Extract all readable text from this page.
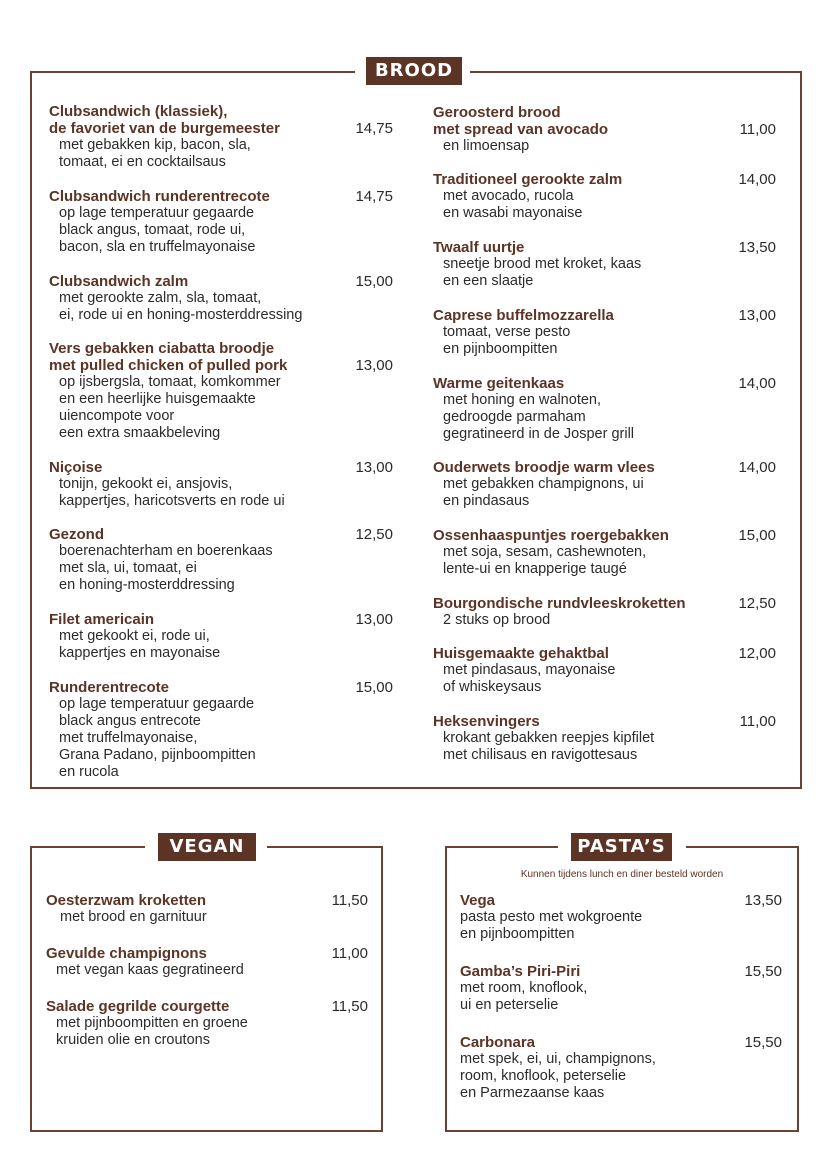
BROOD
Clubsandwich (klassiek),
de favoriet van de burgemeester	14,75
met gebakken kip, bacon, sla,
tomaat, ei en cocktailsaus
Clubsandwich runderentrecote	14,75
op lage temperatuur gegaarde
black angus, tomaat, rode ui,
bacon, sla en truffelmayonaise
Clubsandwich zalm	15,00
met gerookte zalm, sla, tomaat,
ei, rode ui en honing-mosterddressing
Vers gebakken ciabatta broodje
met pulled chicken of pulled pork	13,00
op ijsbergsla, tomaat, komkommer
en een heerlijke huisgemaakte
uiencompote voor
een extra smaakbeleving
Niçoise	13,00
tonijn, gekookt ei, ansjovis,
kappertjes, haricotsverts en rode ui
Gezond	12,50
boerenachterham en boerenkaas
met sla, ui, tomaat, ei
en honing-mosterddressing
Filet americain	13,00
met gekookt ei, rode ui,
kappertjes en mayonaise
Runderentrecote	15,00
op lage temperatuur gegaarde
black angus entrecote
met truffelmayonaise,
Grana Padano, pijnboompitten
en rucola
Geroosterd brood
met spread van avocado	11,00
en limoensap
Traditioneel gerookte zalm	14,00
met avocado, rucola
en wasabi mayonaise
Twaalf uurtje	13,50
sneetje brood met kroket, kaas
en een slaatje
Caprese buffelmozzarella	13,00
tomaat, verse pesto
en pijnboompitten
Warme geitenkaas	14,00
met honing en walnoten,
gedroogde parmaham
gegratineerd in de Josper grill
Ouderwets broodje warm vlees	14,00
met gebakken champignons, ui
en pindasaus
Ossenhaaspuntjes roergebakken	15,00
met soja, sesam, cashewnoten,
lente-ui en knapperige taugé
Bourgondische rundvleeskroketten	12,50
2 stuks op brood
Huisgemaakte gehaktbal	12,00
met pindasaus, mayonaise
of whiskeysaus
Heksenvingers	11,00
krokant gebakken reepjes kipfilet
met chilisaus en ravigottesaus
VEGAN
Oesterzwam kroketten	11,50
met brood en garnituur
Gevulde champignons	11,00
met vegan kaas gegratineerd
Salade gegrilde courgette	11,50
met pijnboompitten en groene
kruiden olie en croutons
PASTA’S
Kunnen tijdens lunch en diner besteld worden
Vega	13,50
pasta pesto met wokgroente
en pijnboompitten
Gamba’s Piri-Piri	15,50
met room, knoflook,
ui en peterselie
Carbonara	15,50
met spek, ei, ui, champignons,
room, knoflook, peterselie
en Parmezaanse kaas
